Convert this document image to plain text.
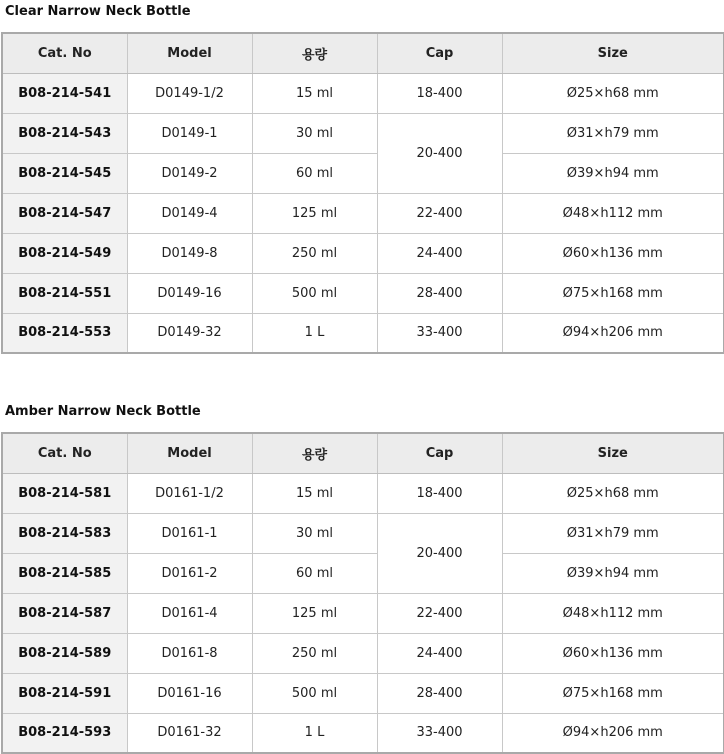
Clear Narrow Neck Bottle
Cat. No	Model	용량	Cap	Size
B08-214-541	D0149-1/2	15 ml	18-400	Ø25×h68 mm
B08-214-543	D0149-1	30 ml	20-400	Ø31×h79 mm
B08-214-545	D0149-2	60 ml		Ø39×h94 mm
B08-214-547	D0149-4	125 ml	22-400	Ø48×h112 mm
B08-214-549	D0149-8	250 ml	24-400	Ø60×h136 mm
B08-214-551	D0149-16	500 ml	28-400	Ø75×h168 mm
B08-214-553	D0149-32	1 L	33-400	Ø94×h206 mm
Amber Narrow Neck Bottle
Cat. No	Model	용량	Cap	Size
B08-214-581	D0161-1/2	15 ml	18-400	Ø25×h68 mm
B08-214-583	D0161-1	30 ml	20-400	Ø31×h79 mm
B08-214-585	D0161-2	60 ml		Ø39×h94 mm
B08-214-587	D0161-4	125 ml	22-400	Ø48×h112 mm
B08-214-589	D0161-8	250 ml	24-400	Ø60×h136 mm
B08-214-591	D0161-16	500 ml	28-400	Ø75×h168 mm
B08-214-593	D0161-32	1 L	33-400	Ø94×h206 mm
